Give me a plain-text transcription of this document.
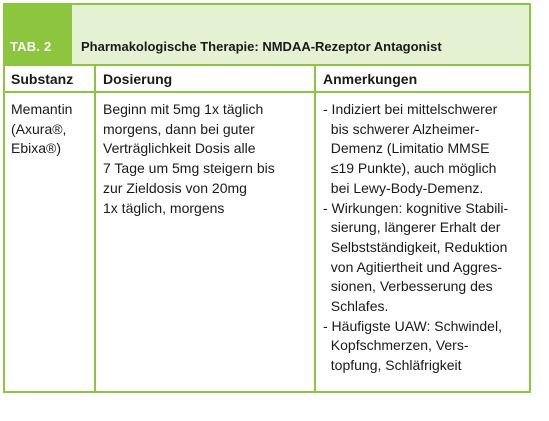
TAB. 2 Pharmakologische Therapie: NMDAA-Rezeptor Antagonist
Substanz Dosierung	Anmerkungen
Memantin
(Axura®,
Ebixa®)
Beginn mit 5mg 1x täglich
morgens, dann bei guter
Verträglichkeit Dosis alle
7 Tage um 5mg steigern bis
zur Zieldosis von 20mg
1x täglich, morgens
- Indiziert bei mittelschwerer
bis schwerer Alzheimer-
Demenz (Limitatio MMSE
≤19 Punkte), auch möglich
bei Lewy-Body-Demenz.
- Wirkungen: kognitive Stabili-
sierung, längerer Erhalt der
Selbstständigkeit, Reduktion
von Agitiertheit und Aggres-
sionen, Verbesserung des
Schlafes.
- Häufigste UAW: Schwindel,
Kopfschmerzen, Vers-
topfung, Schläfrigkeit
